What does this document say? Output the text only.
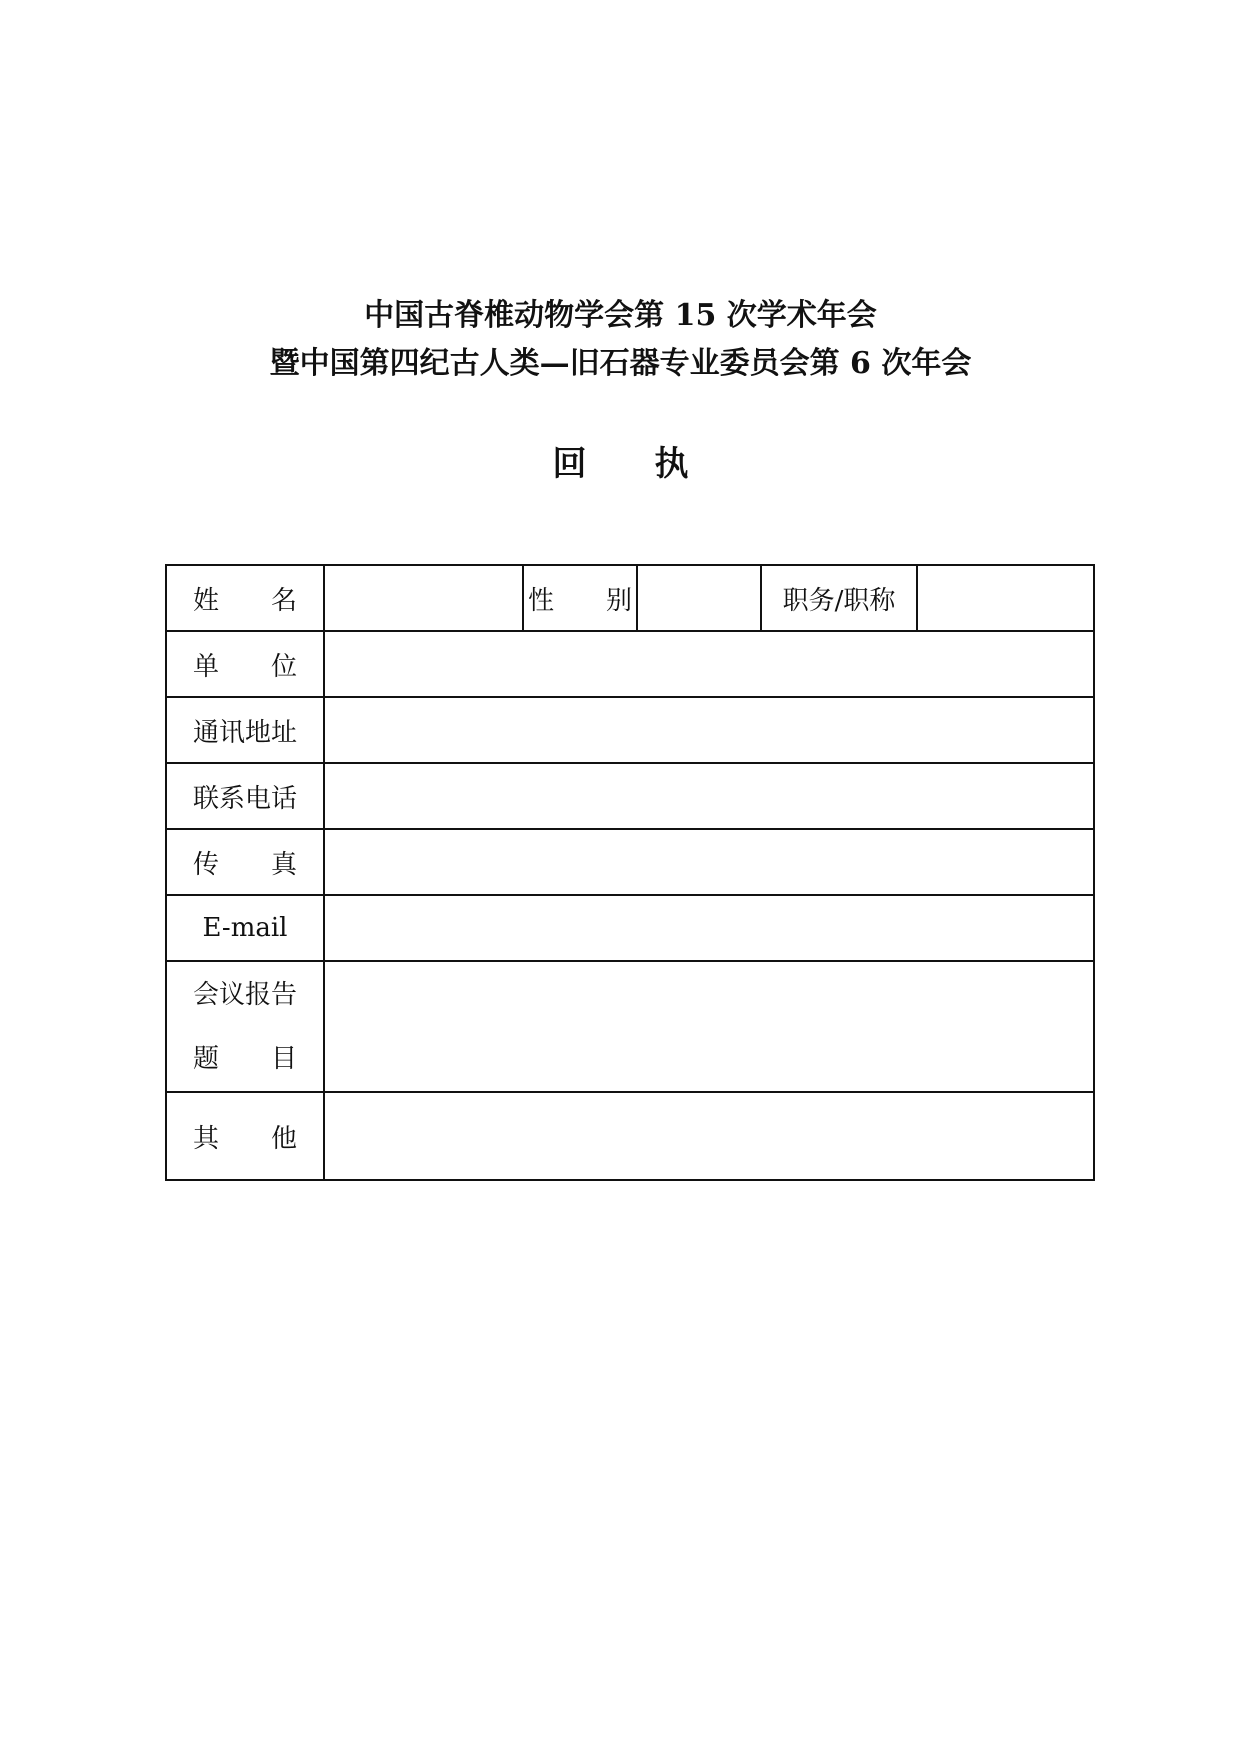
中国古脊椎动物学会第 15 次学术年会
暨中国第四纪古人类—旧石器专业委员会第 6 次年会
回　　执
姓　　名		性　　别		职务/职称	
单　　位					
通讯地址					
联系电话					
传　　真					
E-mail					

会议报告
题　　目					

其　　他					
